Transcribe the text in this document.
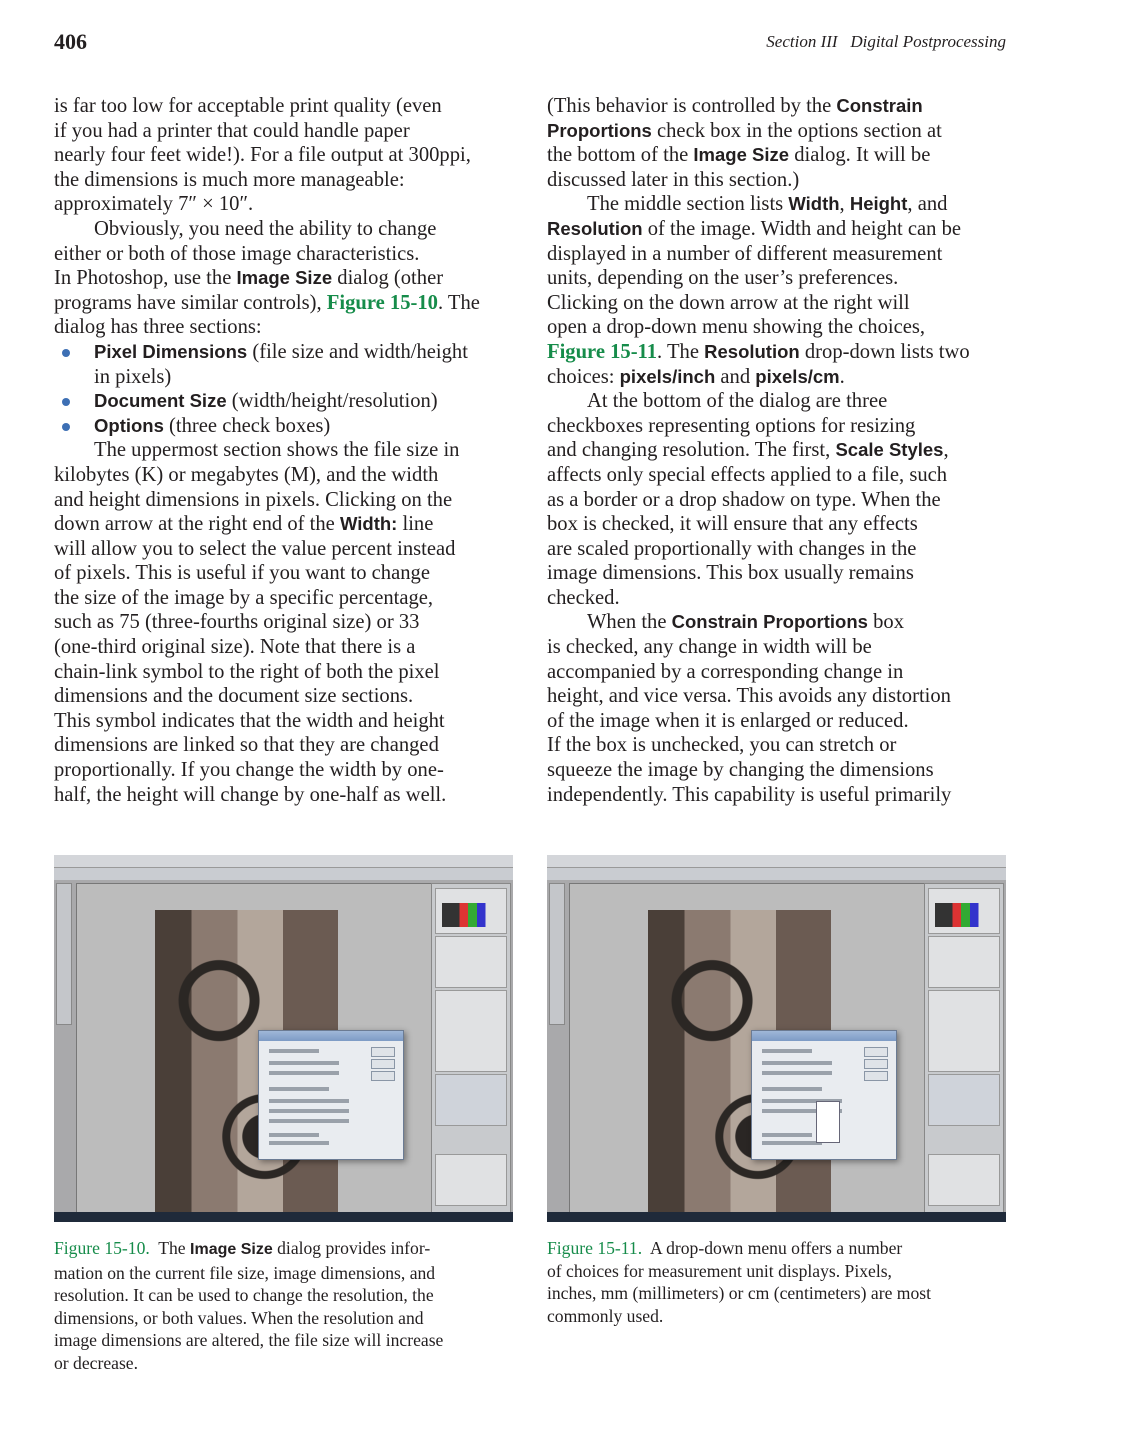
406	Section III   Digital Postprocessing
is far too low for acceptable print quality (even
if you had a printer that could handle paper
nearly four feet wide!). For a file output at 300ppi,
the dimensions is much more manageable:
approximately 7″ × 10″.
Obviously, you need the ability to change
either or both of those image characteristics.
In Photoshop, use the Image Size dialog (other
programs have similar controls), Figure 15-10. The
dialog has three sections:
Pixel Dimensions (file size and width/height
in pixels)
Document Size (width/height/resolution)
Options (three check boxes)
The uppermost section shows the file size in
kilobytes (K) or megabytes (M), and the width
and height dimensions in pixels. Clicking on the
down arrow at the right end of the Width: line
will allow you to select the value percent instead
of pixels. This is useful if you want to change
the size of the image by a specific percentage,
such as 75 (three-fourths original size) or 33
(one-third original size). Note that there is a
chain-link symbol to the right of both the pixel
dimensions and the document size sections.
This symbol indicates that the width and height
dimensions are linked so that they are changed
proportionally. If you change the width by one-
half, the height will change by one-half as well.
(This behavior is controlled by the Constrain
Proportions check box in the options section at
the bottom of the Image Size dialog. It will be
discussed later in this section.)
The middle section lists Width, Height, and
Resolution of the image. Width and height can be
displayed in a number of different measurement
units, depending on the user’s preferences.
Clicking on the down arrow at the right will
open a drop-down menu showing the choices,
Figure 15-11. The Resolution drop-down lists two
choices: pixels/inch and pixels/cm.
At the bottom of the dialog are three
checkboxes representing options for resizing
and changing resolution. The first, Scale Styles,
affects only special effects applied to a file, such
as a border or a drop shadow on type. When the
box is checked, it will ensure that any effects
are scaled proportionally with changes in the
image dimensions. This box usually remains
checked.
When the Constrain Proportions box
is checked, any change in width will be
accompanied by a corresponding change in
height, and vice versa. This avoids any distortion
of the image when it is enlarged or reduced.
If the box is unchecked, you can stretch or
squeeze the image by changing the dimensions
independently. This capability is useful primarily
Figure 15-10. The Image Size dialog provides infor-
mation on the current file size, image dimensions, and
resolution. It can be used to change the resolution, the
dimensions, or both values. When the resolution and
image dimensions are altered, the file size will increase
or decrease.
Figure 15-11. A drop-down menu offers a number
of choices for measurement unit displays. Pixels,
inches, mm (millimeters) or cm (centimeters) are most
commonly used.
